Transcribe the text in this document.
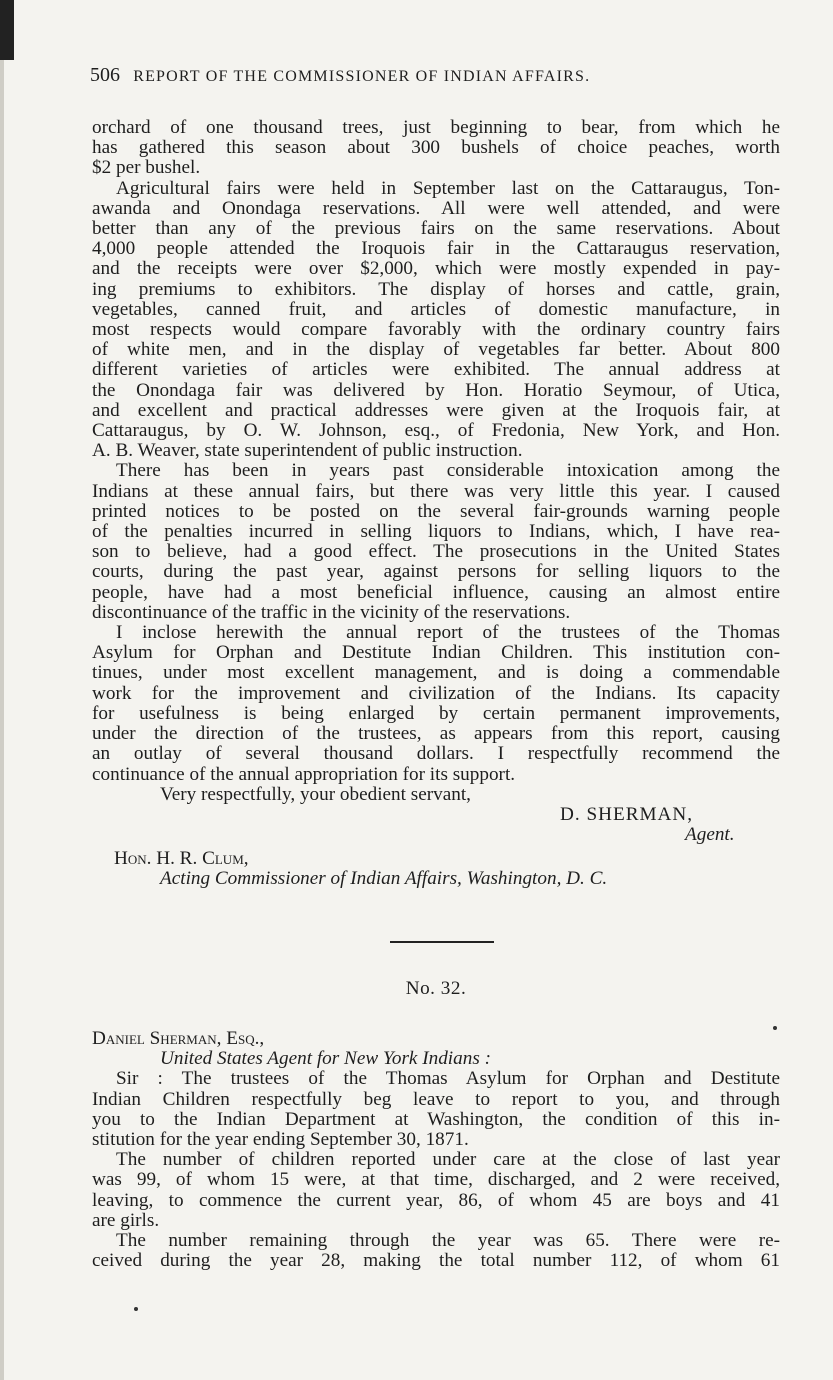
506 REPORT OF THE COMMISSIONER OF INDIAN AFFAIRS.
orchard of one thousand trees, just beginning to bear, from which he
has gathered this season about 300 bushels of choice peaches, worth
$2 per bushel.
Agricultural fairs were held in September last on the Cattaraugus, Ton-
awanda and Onondaga reservations. All were well attended, and were
better than any of the previous fairs on the same reservations. About
4,000 people attended the Iroquois fair in the Cattaraugus reservation,
and the receipts were over $2,000, which were mostly expended in pay-
ing premiums to exhibitors. The display of horses and cattle, grain,
vegetables, canned fruit, and articles of domestic manufacture, in
most respects would compare favorably with the ordinary country fairs
of white men, and in the display of vegetables far better. About 800
different varieties of articles were exhibited. The annual address at
the Onondaga fair was delivered by Hon. Horatio Seymour, of Utica,
and excellent and practical addresses were given at the Iroquois fair, at
Cattaraugus, by O. W. Johnson, esq., of Fredonia, New York, and Hon.
A. B. Weaver, state superintendent of public instruction.
There has been in years past considerable intoxication among the
Indians at these annual fairs, but there was very little this year. I caused
printed notices to be posted on the several fair-grounds warning people
of the penalties incurred in selling liquors to Indians, which, I have rea-
son to believe, had a good effect. The prosecutions in the United States
courts, during the past year, against persons for selling liquors to the
people, have had a most beneficial influence, causing an almost entire
discontinuance of the traffic in the vicinity of the reservations.
I inclose herewith the annual report of the trustees of the Thomas
Asylum for Orphan and Destitute Indian Children. This institution con-
tinues, under most excellent management, and is doing a commendable
work for the improvement and civilization of the Indians. Its capacity
for usefulness is being enlarged by certain permanent improvements,
under the direction of the trustees, as appears from this report, causing
an outlay of several thousand dollars. I respectfully recommend the
continuance of the annual appropriation for its support.
Very respectfully, your obedient servant,
D. SHERMAN,
Agent.
Hon. H. R. Clum,
Acting Commissioner of Indian Affairs, Washington, D. C.
No. 32.
Daniel Sherman, Esq.,
United States Agent for New York Indians :
Sir : The trustees of the Thomas Asylum for Orphan and Destitute
Indian Children respectfully beg leave to report to you, and through
you to the Indian Department at Washington, the condition of this in-
stitution for the year ending September 30, 1871.
The number of children reported under care at the close of last year
was 99, of whom 15 were, at that time, discharged, and 2 were received,
leaving, to commence the current year, 86, of whom 45 are boys and 41
are girls.
The number remaining through the year was 65. There were re-
ceived during the year 28, making the total number 112, of whom 61
